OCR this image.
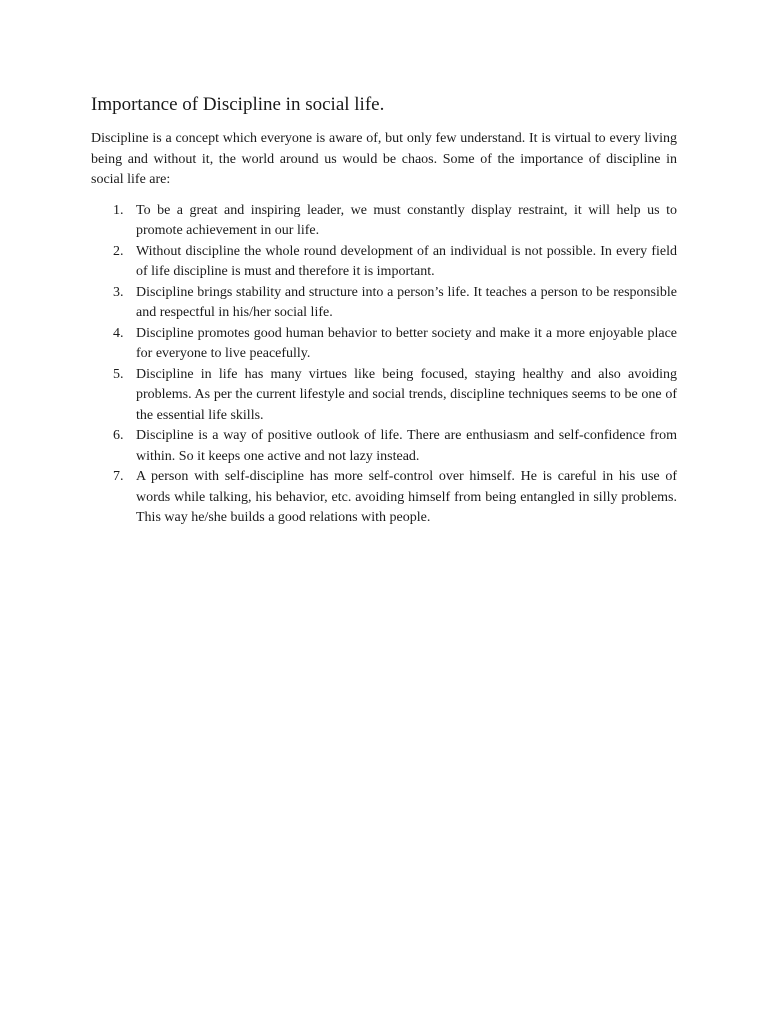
Importance of Discipline in social life.

Discipline is a concept which everyone is aware of, but only few understand. It is virtual to every living being and without it, the world around us would be chaos. Some of the importance of discipline in social life are:

1. To be a great and inspiring leader, we must constantly display restraint, it will help us to promote achievement in our life.
2. Without discipline the whole round development of an individual is not possible. In every field of life discipline is must and therefore it is important.
3. Discipline brings stability and structure into a person’s life. It teaches a person to be responsible and respectful in his/her social life.
4. Discipline promotes good human behavior to better society and make it a more enjoyable place for everyone to live peacefully.
5. Discipline in life has many virtues like being focused, staying healthy and also avoiding problems. As per the current lifestyle and social trends, discipline techniques seems to be one of the essential life skills.
6. Discipline is a way of positive outlook of life. There are enthusiasm and self-confidence from within. So it keeps one active and not lazy instead.
7. A person with self-discipline has more self-control over himself. He is careful in his use of words while talking, his behavior, etc. avoiding himself from being entangled in silly problems. This way he/she builds a good relations with people.
